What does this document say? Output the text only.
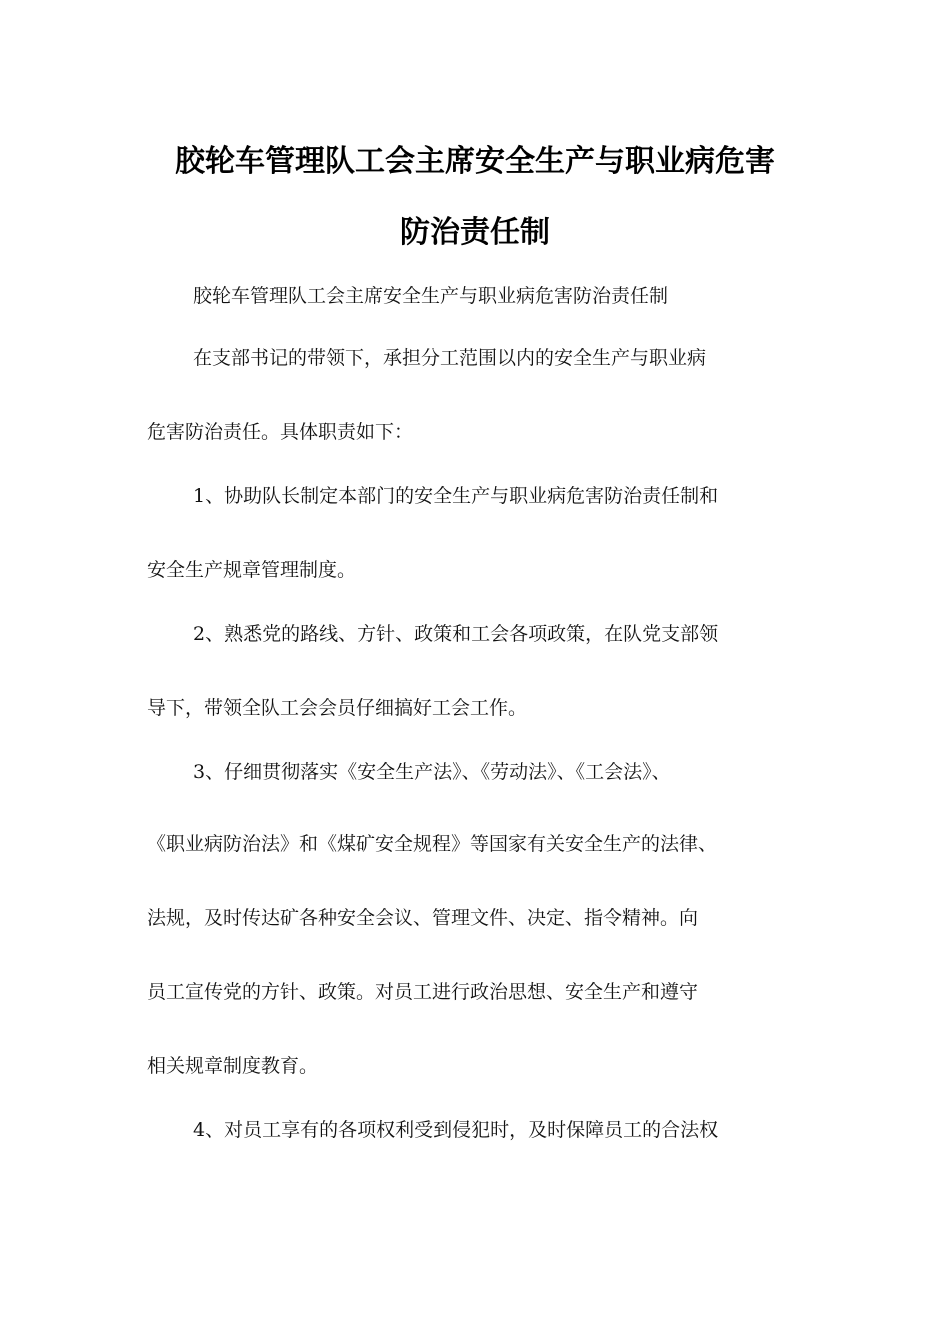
胶轮车管理队工会主席安全生产与职业病危害
防治责任制
胶轮车管理队工会主席安全生产与职业病危害防治责任制
在支部书记的带领下，承担分工范围以内的安全生产与职业病
危害防治责任。具体职责如下：
1、协助队长制定本部门的安全生产与职业病危害防治责任制和
安全生产规章管理制度。
2、熟悉党的路线、方针、政策和工会各项政策，在队党支部领
导下，带领全队工会会员仔细搞好工会工作。
3、仔细贯彻落实《安全生产法》、《劳动法》、《工会法》、
《职业病防治法》和《煤矿安全规程》等国家有关安全生产的法律、
法规，及时传达矿各种安全会议、管理文件、决定、指令精神。向
员工宣传党的方针、政策。对员工进行政治思想、安全生产和遵守
相关规章制度教育。
4、对员工享有的各项权利受到侵犯时，及时保障员工的合法权
